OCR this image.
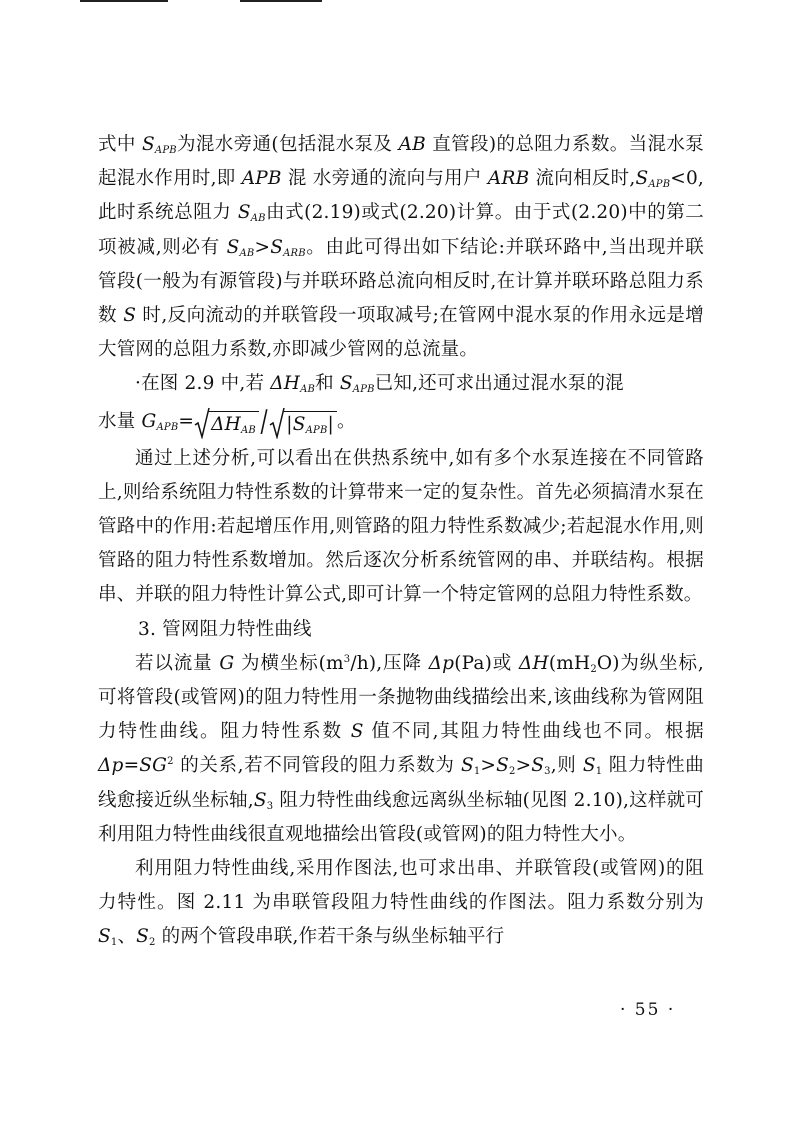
式中 $S_{APB}$为混水旁通(包括混水泵及 AB 直管段)的总阻力系数。当混水泵起混水作用时,即 APB 混 水旁通的流向与用户 ARB 流向相反时$,S_{APB}<0$,此时系统总阻力 $S_{AB}$由式(2.19)或式(2.20)计算。由于式(2.20)中的第二项被减,则必有 $S_{AB}>S_{ARB}$。由此可得出如下结论:并联环路中,当出现并联管段(一般为有源管段)与并联环路总流向相反时,在计算并联环路总阻力系数 S 时,反向流动的并联管段一项取减号;在管网中混水泵的作用永远是增大管网的总阻力系数,亦即减少管网的总流量。

·在图 2.9 中,若 $\Delta H_{AB}$和 $S_{APB}$已知,还可求出通过混水泵的混

水量 $G_{APB}= \Delta H_{AB} / |S_{APB}|$ 。

通过上述分析,可以看出在供热系统中,如有多个水泵连接在不同管路上,则给系统阻力特性系数的计算带来一定的复杂性。首先必须搞清水泵在管路中的作用:若起增压作用,则管路的阻力特性系数减少;若起混水作用,则管路的阻力特性系数增加。然后逐次分析系统管网的串、并联结构。根据串、并联的阻力特性计算公式,即可计算一个特定管网的总阻力特性系数。

3. 管网阻力特性曲线

若以流量 G 为横坐标$(m^3/h)$,压降 Δp(Pa)或 $\Delta H(mH_2O)$为纵坐标,可将管段(或管网)的阻力特性用一条抛物曲线描绘出来,该曲线称为管网阻力特性曲线。阻力特性系数 S 值不同,其阻力特性曲线也不同。根据 $\Delta p=SG^2$ 的关系,若不同管段的阻力系数为 $S_1>S_2>S_3$,则 $S_1$ 阻力特性曲线愈接近纵坐标轴$,S_3$ 阻力特性曲线愈远离纵坐标轴(见图 2.10),这样就可利用阻力特性曲线很直观地描绘出管段(或管网)的阻力特性大小。

利用阻力特性曲线,采用作图法,也可求出串、并联管段(或管网)的阻力特性。图 2.11 为串联管段阻力特性曲线的作图法。阻力系数分别为 $S_1$、$S_2$ 的两个管段串联,作若干条与纵坐标轴平行

· 55 ·
